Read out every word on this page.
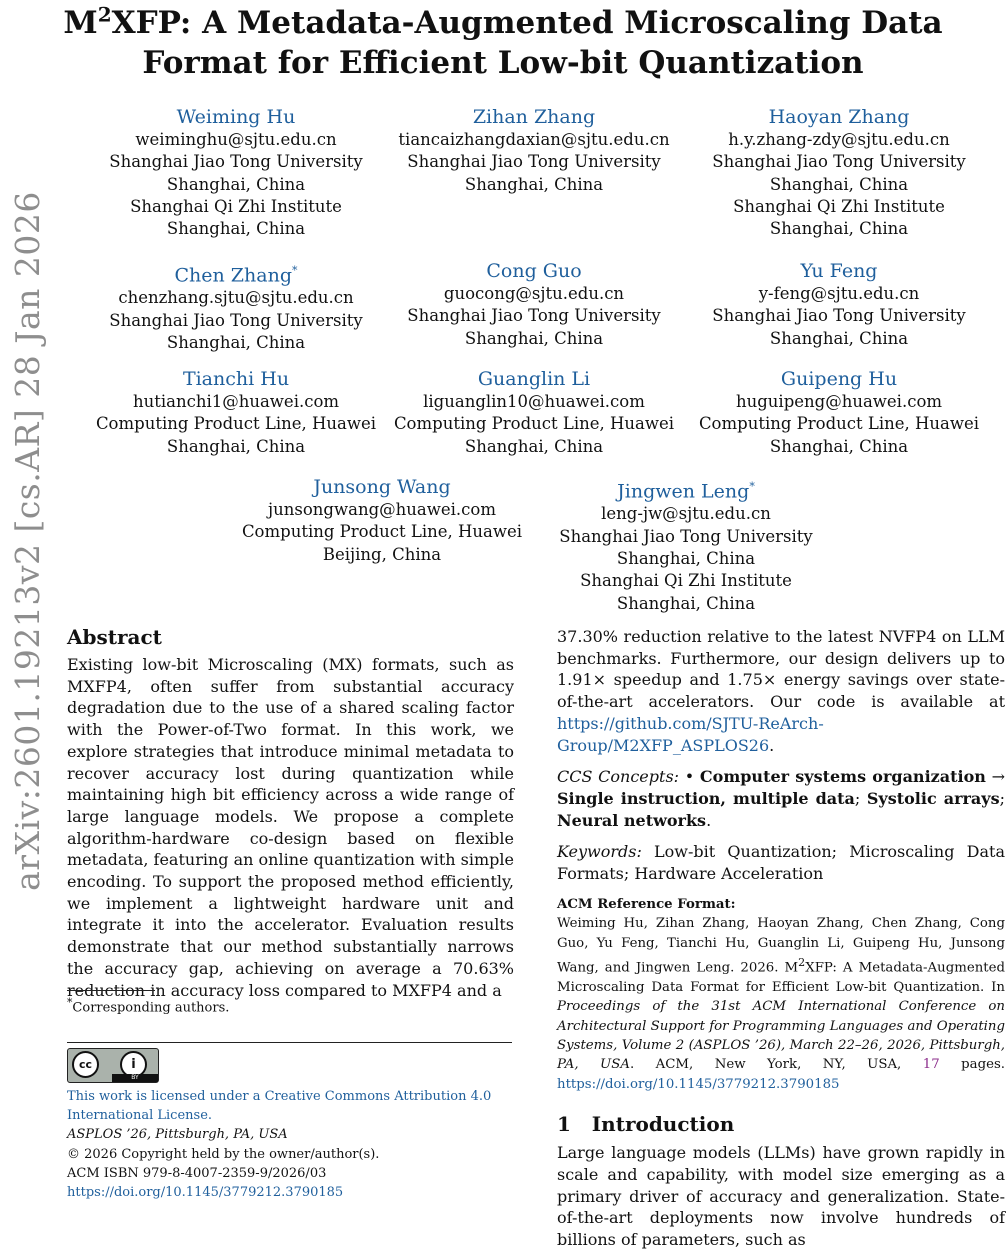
arXiv:2601.19213v2 [cs.AR] 28 Jan 2026
$M^2XFP$: A Metadata-Augmented Microscaling Data
Format for Efficient Low-bit Quantization
Weiming Hu
weiminghu@sjtu.edu.cn
Shanghai Jiao Tong University
Shanghai, China
Shanghai Qi Zhi Institute
Shanghai, China
Zihan Zhang
tiancaizhangdaxian@sjtu.edu.cn
Shanghai Jiao Tong University
Shanghai, China
Haoyan Zhang
h.y.zhang-zdy@sjtu.edu.cn
Shanghai Jiao Tong University
Shanghai, China
Shanghai Qi Zhi Institute
Shanghai, China
Chen Zhang*
chenzhang.sjtu@sjtu.edu.cn
Shanghai Jiao Tong University
Shanghai, China
Cong Guo
guocong@sjtu.edu.cn
Shanghai Jiao Tong University
Shanghai, China
Yu Feng
y-feng@sjtu.edu.cn
Shanghai Jiao Tong University
Shanghai, China
Tianchi Hu
hutianchi1@huawei.com
Computing Product Line, Huawei
Shanghai, China
Guanglin Li
liguanglin10@huawei.com
Computing Product Line, Huawei
Shanghai, China
Guipeng Hu
huguipeng@huawei.com
Computing Product Line, Huawei
Shanghai, China
Junsong Wang
junsongwang@huawei.com
Computing Product Line, Huawei
Beijing, China
Jingwen Leng*
leng-jw@sjtu.edu.cn
Shanghai Jiao Tong University
Shanghai, China
Shanghai Qi Zhi Institute
Shanghai, China
Abstract

Existing low-bit Microscaling (MX) formats, such as MXFP4, often suffer from substantial accuracy degradation due to the use of a shared scaling factor with the Power-of-Two format. In this work, we explore strategies that introduce minimal metadata to recover accuracy lost during quantization while maintaining high bit efficiency across a wide range of large language models. We propose a complete algorithm-hardware co-design based on flexible metadata, featuring an online quantization with simple encoding. To support the proposed method efficiently, we implement a lightweight hardware unit and integrate it into the accelerator. Evaluation results demonstrate that our method substantially narrows the accuracy gap, achieving on average a 70.63% reduction in accuracy loss compared to MXFP4 and a

*Corresponding authors.
cc	i
BY

This work is licensed under a Creative Commons Attribution 4.0 International License.

ASPLOS ’26, Pittsburgh, PA, USA

© 2026 Copyright held by the owner/author(s).

ACM ISBN 979-8-4007-2359-9/2026/03

https://doi.org/10.1145/3779212.3790185

37.30% reduction relative to the latest NVFP4 on LLM benchmarks. Furthermore, our design delivers up to 1.91× speedup and 1.75× energy savings over state-of-the-art accelerators. Our code is available at https://github.com/SJTU-ReArch-Group/M2XFP_ASPLOS26.

CCS Concepts: • Computer systems organization → Single instruction, multiple data; Systolic arrays; Neural networks.

Keywords: Low-bit Quantization; Microscaling Data Formats; Hardware Acceleration

ACM Reference Format:

Weiming Hu, Zihan Zhang, Haoyan Zhang, Chen Zhang, Cong Guo, Yu Feng, Tianchi Hu, Guanglin Li, Guipeng Hu, Junsong Wang, and Jingwen Leng. 2026. $M^2XFP$: A Metadata-Augmented Microscaling Data Format for Efficient Low-bit Quantization. In Proceedings of the 31st ACM International Conference on Architectural Support for Programming Languages and Operating Systems, Volume 2 (ASPLOS ’26), March 22–26, 2026, Pittsburgh, PA, USA. ACM, New York, NY, USA, 17 pages. https://doi.org/10.1145/3779212.3790185

1   Introduction

Large language models (LLMs) have grown rapidly in scale and capability, with model size emerging as a primary driver of accuracy and generalization. State-of-the-art deployments now involve hundreds of billions of parameters, such as
